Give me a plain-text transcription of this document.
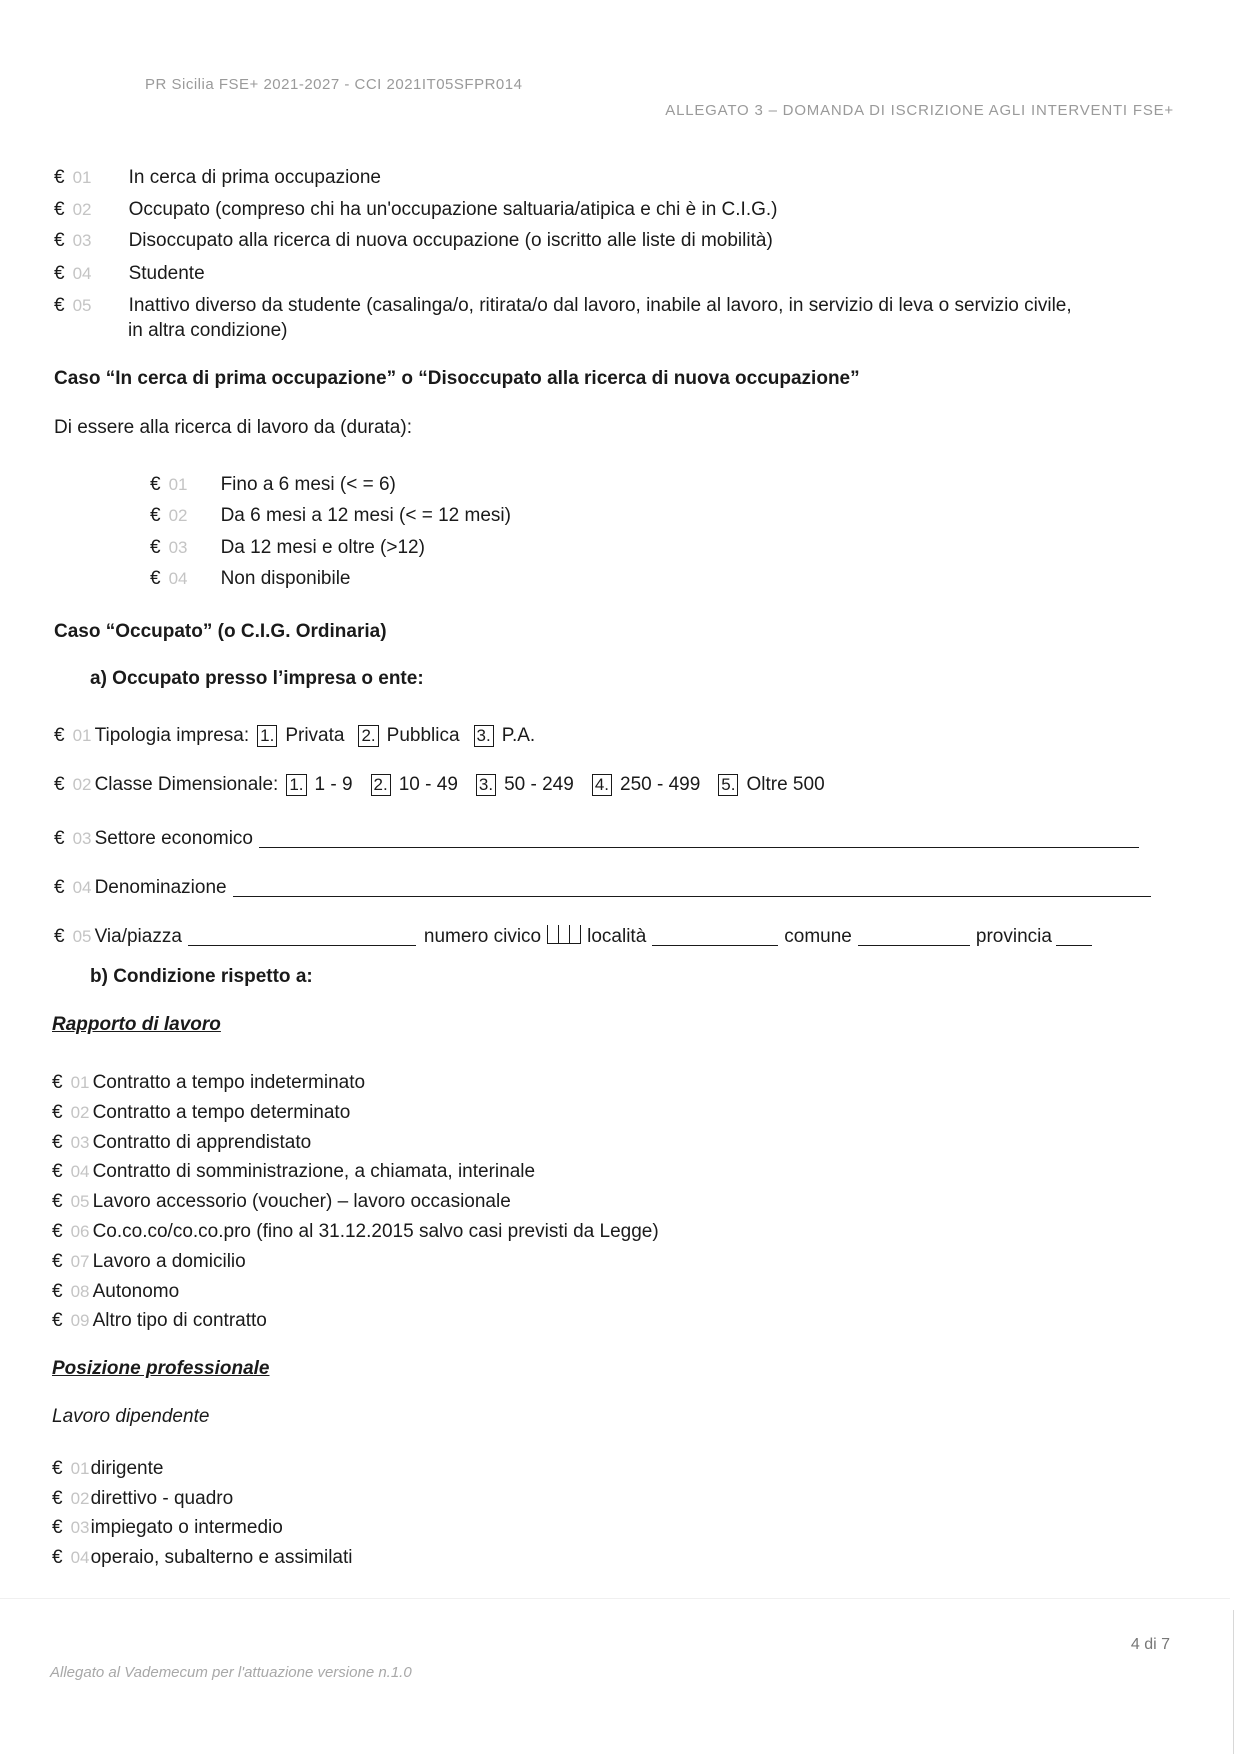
PR Sicilia FSE+ 2021-2027 - CCI 2021IT05SFPR014
ALLEGATO 3 – DOMANDA DI ISCRIZIONE AGLI INTERVENTI FSE+
€ 01	In cerca di prima occupazione
€ 02	Occupato (compreso chi ha un'occupazione saltuaria/atipica e chi è in C.I.G.)
€ 03	Disoccupato alla ricerca di nuova occupazione (o iscritto alle liste di mobilità)
€ 04	Studente
€ 05	Inattivo diverso da studente (casalinga/o, ritirata/o dal lavoro, inabile al lavoro, in servizio di leva o servizio civile,
in altra condizione)
Caso “In cerca di prima occupazione” o “Disoccupato alla ricerca di nuova occupazione”
Di essere alla ricerca di lavoro da (durata):
€ 01	Fino a 6 mesi (< = 6)
€ 02	Da 6 mesi a 12 mesi (< = 12 mesi)
€ 03	Da 12 mesi e oltre (>12)
€ 04	Non disponibile
Caso “Occupato” (o C.I.G. Ordinaria)
a) Occupato presso l’impresa o ente:
€ 01 Tipologia impresa: 1. Privata 2. Pubblica 3. P.A.
€ 02 Classe Dimensionale: 1. 1 - 9 2. 10 - 49 3. 50 - 249 4. 250 - 499 5. Oltre 500
€ 03 Settore economico
€ 04 Denominazione
€ 05 Via/piazza	numero civico località	comune	provincia
b) Condizione rispetto a:
Rapporto di lavoro
€ 01 Contratto a tempo indeterminato
€ 02 Contratto a tempo determinato
€ 03 Contratto di apprendistato
€ 04 Contratto di somministrazione, a chiamata, interinale
€ 05 Lavoro accessorio (voucher) – lavoro occasionale
€ 06 Co.co.co/co.co.pro (fino al 31.12.2015 salvo casi previsti da Legge)
€ 07 Lavoro a domicilio
€ 08 Autonomo
€ 09 Altro tipo di contratto
Posizione professionale
Lavoro dipendente
€ 01 dirigente
€ 02 direttivo - quadro
€ 03 impiegato o intermedio
€ 04 operaio, subalterno e assimilati
4 di 7
Allegato al Vademecum per l'attuazione versione n.1.0
